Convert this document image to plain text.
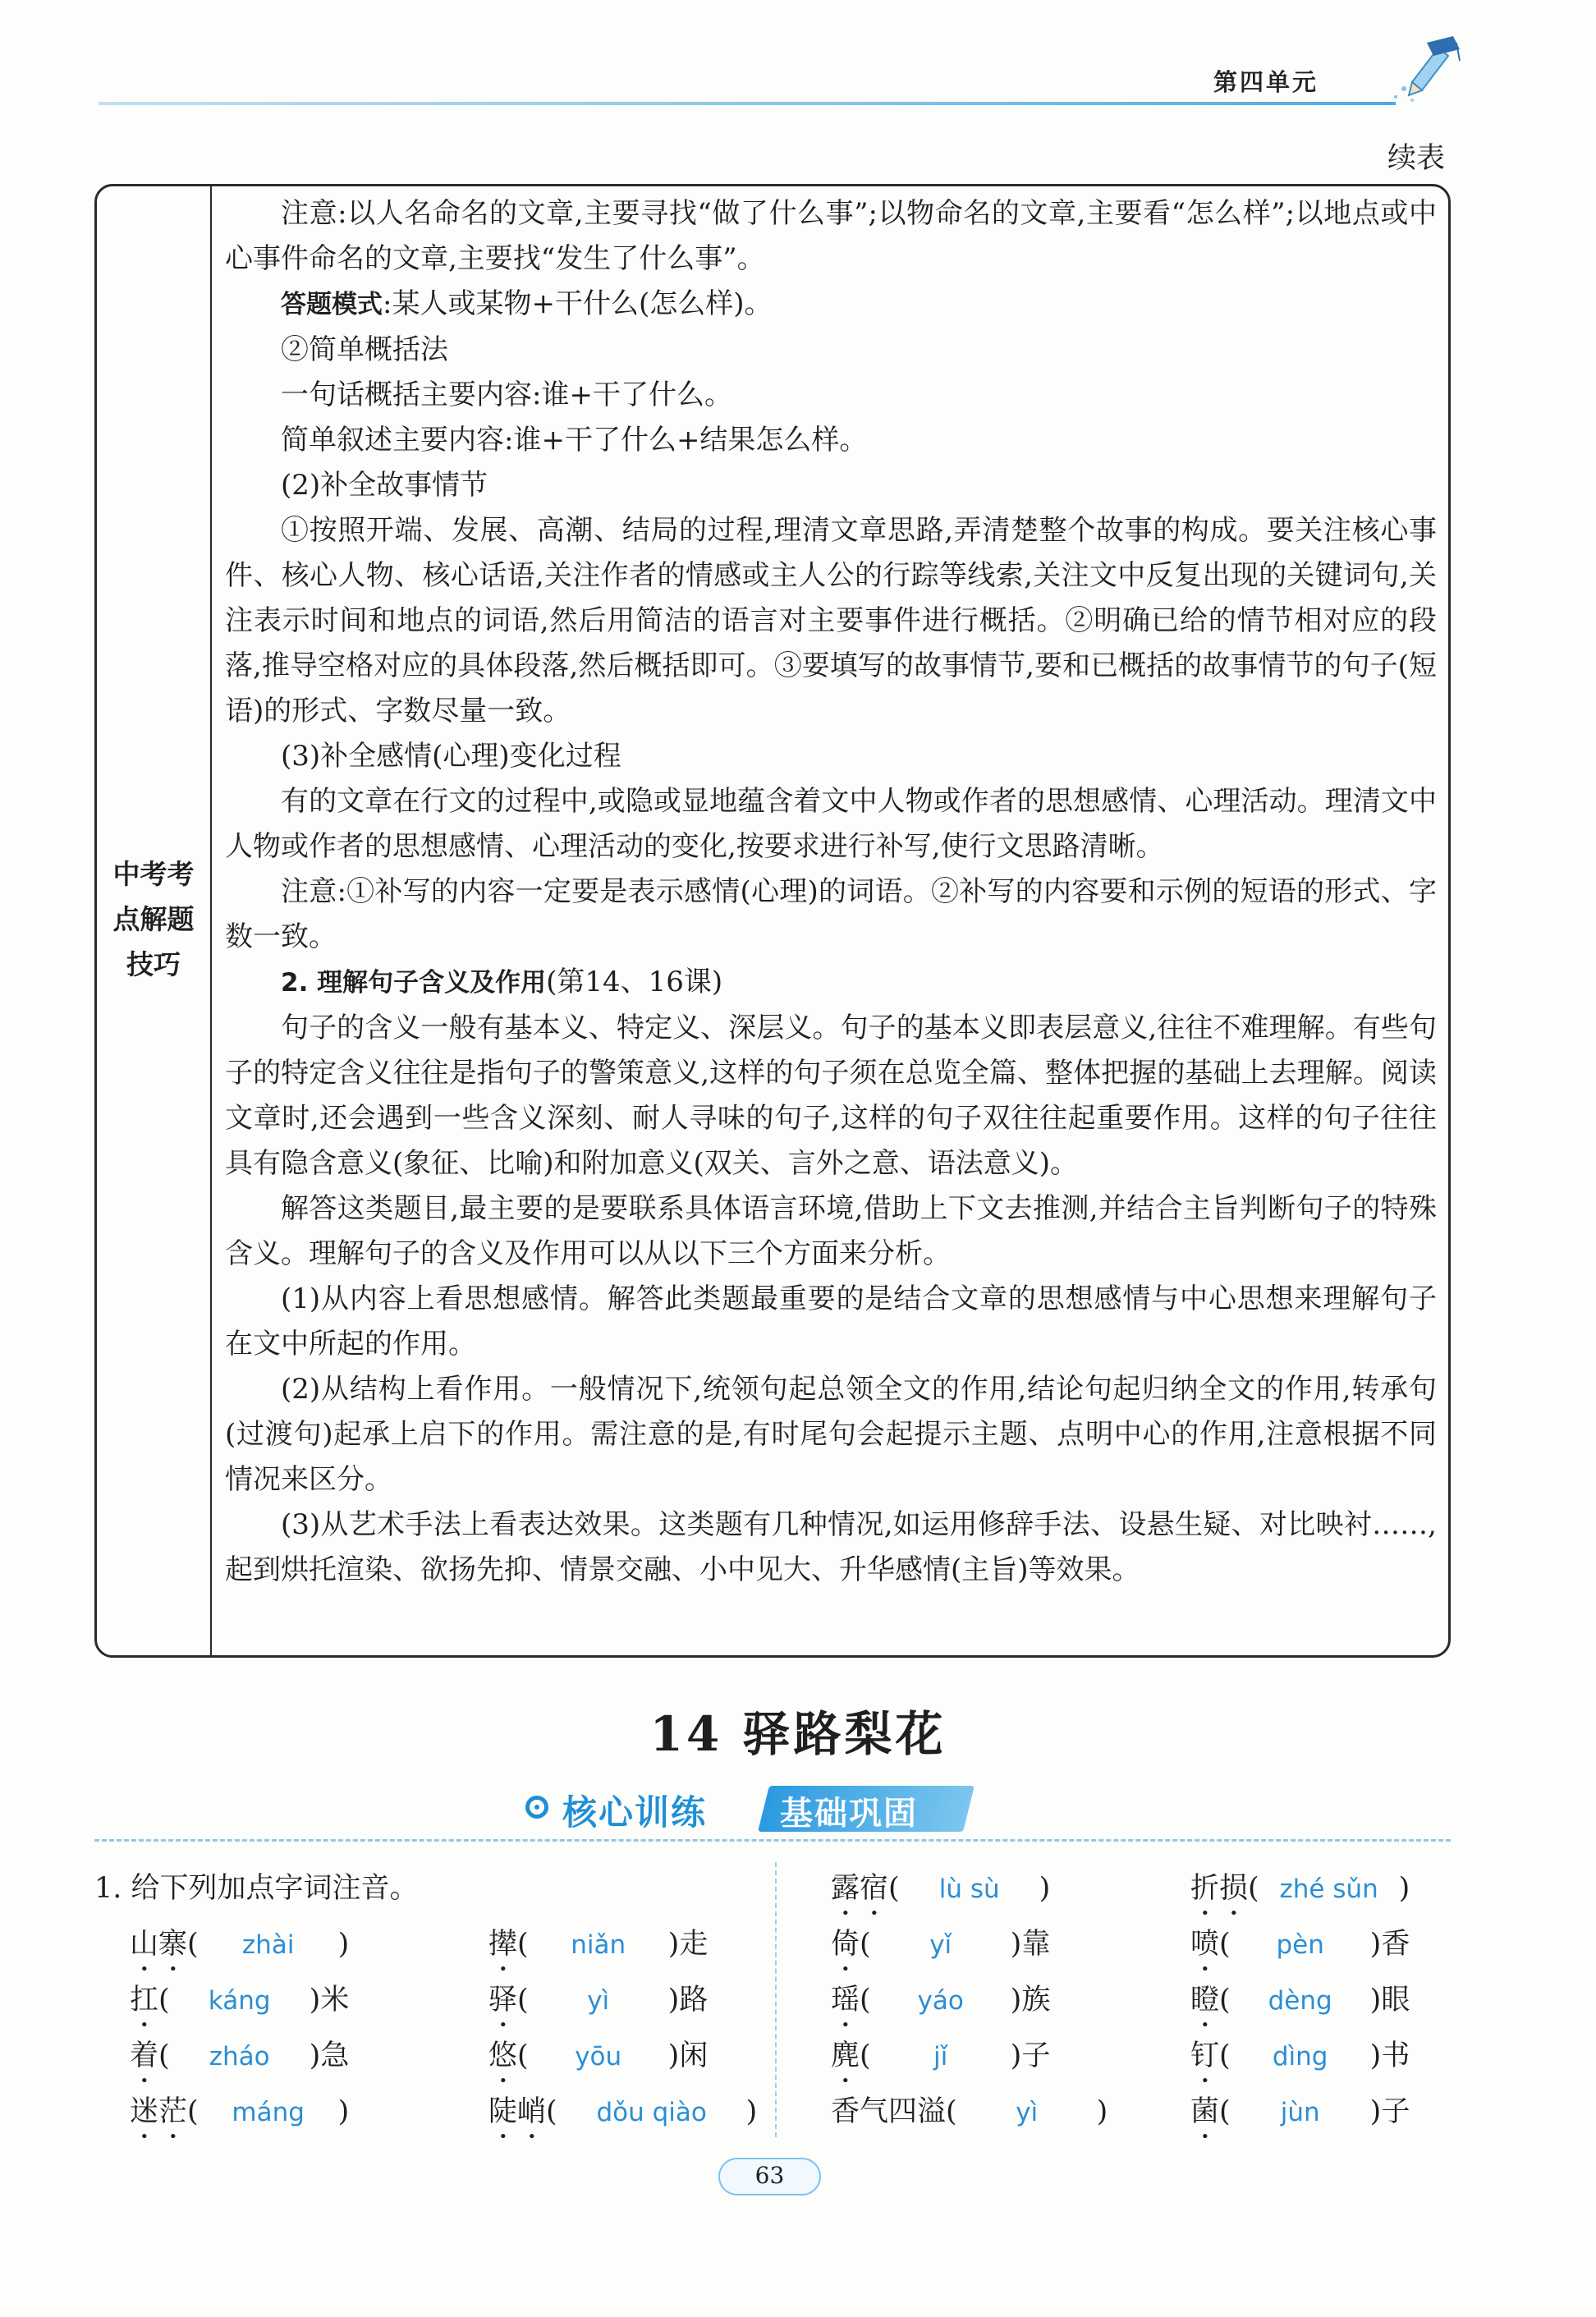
第四单元
续表
中考考
点解题
技巧

注意:以人名命名的文章,主要寻找“做了什么事”;以物命名的文章,主要看“怎么样”;以地点或中心事件命名的文章,主要找“发生了什么事”。

答题模式:某人或某物+干什么(怎么样)。

②简单概括法

一句话概括主要内容:谁+干了什么。

简单叙述主要内容:谁+干了什么+结果怎么样。

(2)补全故事情节

①按照开端、发展、高潮、结局的过程,理清文章思路,弄清楚整个故事的构成。要关注核心事件、核心人物、核心话语,关注作者的情感或主人公的行踪等线索,关注文中反复出现的关键词句,关注表示时间和地点的词语,然后用简洁的语言对主要事件进行概括。②明确已给的情节相对应的段落,推导空格对应的具体段落,然后概括即可。③要填写的故事情节,要和已概括的故事情节的句子(短语)的形式、字数尽量一致。

(3)补全感情(心理)变化过程

有的文章在行文的过程中,或隐或显地蕴含着文中人物或作者的思想感情、心理活动。理清文中人物或作者的思想感情、心理活动的变化,按要求进行补写,使行文思路清晰。

注意:①补写的内容一定要是表示感情(心理)的词语。②补写的内容要和示例的短语的形式、字数一致。

2. 理解句子含义及作用(第14、16课)

句子的含义一般有基本义、特定义、深层义。句子的基本义即表层意义,往往不难理解。有些句子的特定含义往往是指句子的警策意义,这样的句子须在总览全篇、整体把握的基础上去理解。阅读文章时,还会遇到一些含义深刻、耐人寻味的句子,这样的句子双往往起重要作用。这样的句子往往具有隐含意义(象征、比喻)和附加意义(双关、言外之意、语法意义)。

解答这类题目,最主要的是要联系具体语言环境,借助上下文去推测,并结合主旨判断句子的特殊含义。理解句子的含义及作用可以从以下三个方面来分析。

(1)从内容上看思想感情。解答此类题最重要的是结合文章的思想感情与中心思想来理解句子在文中所起的作用。

(2)从结构上看作用。一般情况下,统领句起总领全文的作用,结论句起归纳全文的作用,转承句(过渡句)起承上启下的作用。需注意的是,有时尾句会起提示主题、点明中心的作用,注意根据不同情况来区分。

(3)从艺术手法上看表达效果。这类题有几种情况,如运用修辞手法、设悬生疑、对比映衬……,起到烘托渲染、欲扬先抑、情景交融、小中见大、升华感情(主旨)等效果。

14 驿路梨花
核心训练 基础巩固
1. 给下列加点字词注音。
山寨( zhài )
扛( káng )米
着( zháo )急
迷茫( máng )
撵( niǎn )走
驿( yì )路
悠( yōu )闲
陡峭( dǒu qiào )
露宿( lù sù )
倚( yǐ )靠
瑶( yáo )族
麂( jǐ )子
香气四溢( yì )
折损( zhé sǔn )
喷( pèn )香
瞪( dèng )眼
钉( dìng )书
菌( jùn )子
63
